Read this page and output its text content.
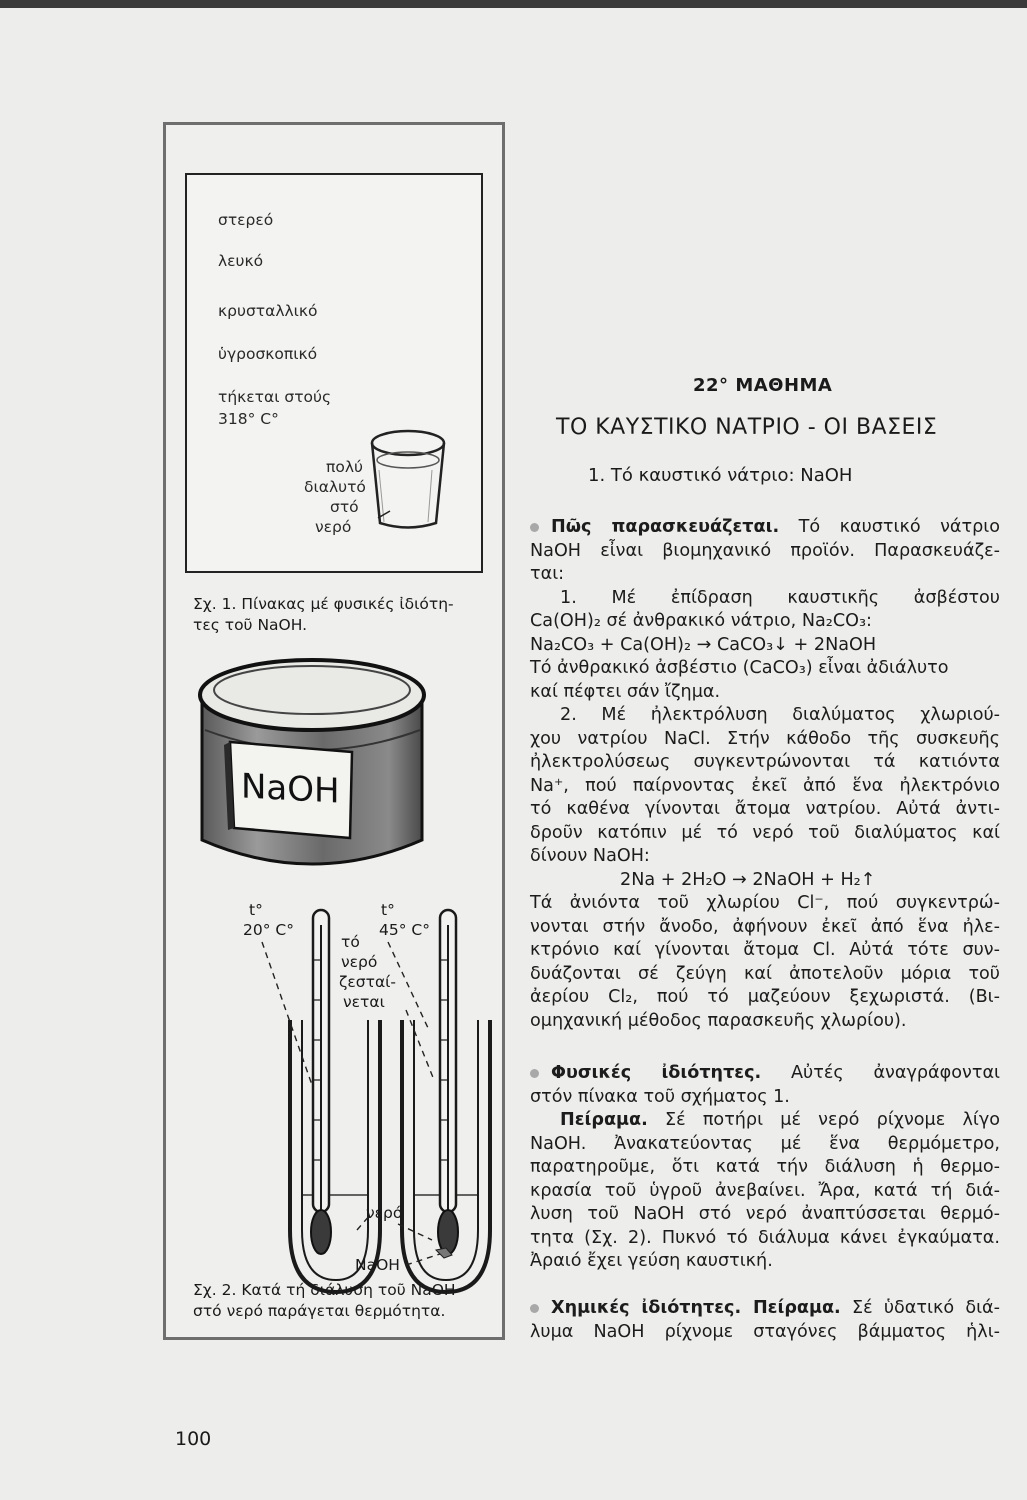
στερεό
λευκό
κρυσταλλικό
ὑγροσκοπικό
τήκεται στούς
318° C°
πολύ
διαλυτό
στό
νερό
Σχ. 1. Πίνακας μέ φυσικές ἰδιότη-
τες τοῦ NaOH.
NaOH
t°
20° C°
t°
45° C°
τό
νερό
ζεσταί-
νεται
νερό
NaOH
Σχ. 2. Κατά τή διάλυση τοῦ NaOH
στό νερό παράγεται θερμότητα.
100
22° ΜΑΘΗΜΑ
ΤΟ ΚΑΥΣΤΙΚΟ ΝΑΤΡΙΟ - ΟΙ ΒΑΣΕΙΣ
1. Τό καυστικό νάτριο: NaOH

Πῶς παρασκευάζεται. Τό καυστικό νάτριο

NaOH εἶναι βιομηχανικό προϊόν. Παρασκευάζε-

ται:

1. Μέ ἐπίδραση καυστικῆς ἀσβέστου

Ca(OH)₂ σέ ἀνθρακικό νάτριο, Na₂CO₃:

Na₂CO₃ + Ca(OH)₂ → CaCO₃↓ + 2NaOH

Τό ἀνθρακικό ἀσβέστιο (CaCO₃) εἶναι ἀδιάλυτο

καί πέφτει σάν ἴζημα.

2. Μέ ἠλεκτρόλυση διαλύματος χλωριού-

χου νατρίου NaCl. Στήν κάθοδο τῆς συσκευῆς

ἠλεκτρολύσεως συγκεντρώνονται τά κατιόντα

Na⁺, πού παίρνοντας ἐκεῖ ἀπό ἕνα ἠλεκτρόνιο

τό καθένα γίνονται ἄτομα νατρίου. Αὐτά ἀντι-

δροῦν κατόπιν μέ τό νερό τοῦ διαλύματος καί

δίνουν NaOH:

2Na + 2H₂O → 2NaOH + H₂↑

Τά ἀνιόντα τοῦ χλωρίου Cl⁻, πού συγκεντρώ-

νονται στήν ἄνοδο, ἀφήνουν ἐκεῖ ἀπό ἕνα ἠλε-

κτρόνιο καί γίνονται ἄτομα Cl. Αὐτά τότε συν-

δυάζονται σέ ζεύγη καί ἀποτελοῦν μόρια τοῦ

ἀερίου Cl₂, πού τό μαζεύουν ξεχωριστά. (Βι-

ομηχανική μέθοδος παρασκευῆς χλωρίου).

Φυσικές ἰδιότητες. Αὐτές ἀναγράφονται

στόν πίνακα τοῦ σχήματος 1.

Πείραμα. Σέ ποτήρι μέ νερό ρίχνομε λίγο

NaOH. Ἀνακατεύοντας μέ ἕνα θερμόμετρο,

παρατηροῦμε, ὅτι κατά τήν διάλυση ἡ θερμο-

κρασία τοῦ ὑγροῦ ἀνεβαίνει. Ἄρα, κατά τή διά-

λυση τοῦ NaOH στό νερό ἀναπτύσσεται θερμό-

τητα (Σχ. 2). Πυκνό τό διάλυμα κάνει ἐγκαύματα.

Ἀραιό ἔχει γεύση καυστική.

Χημικές ἰδιότητες. Πείραμα. Σέ ὑδατικό διά-

λυμα NaOH ρίχνομε σταγόνες βάμματος ἡλι-
